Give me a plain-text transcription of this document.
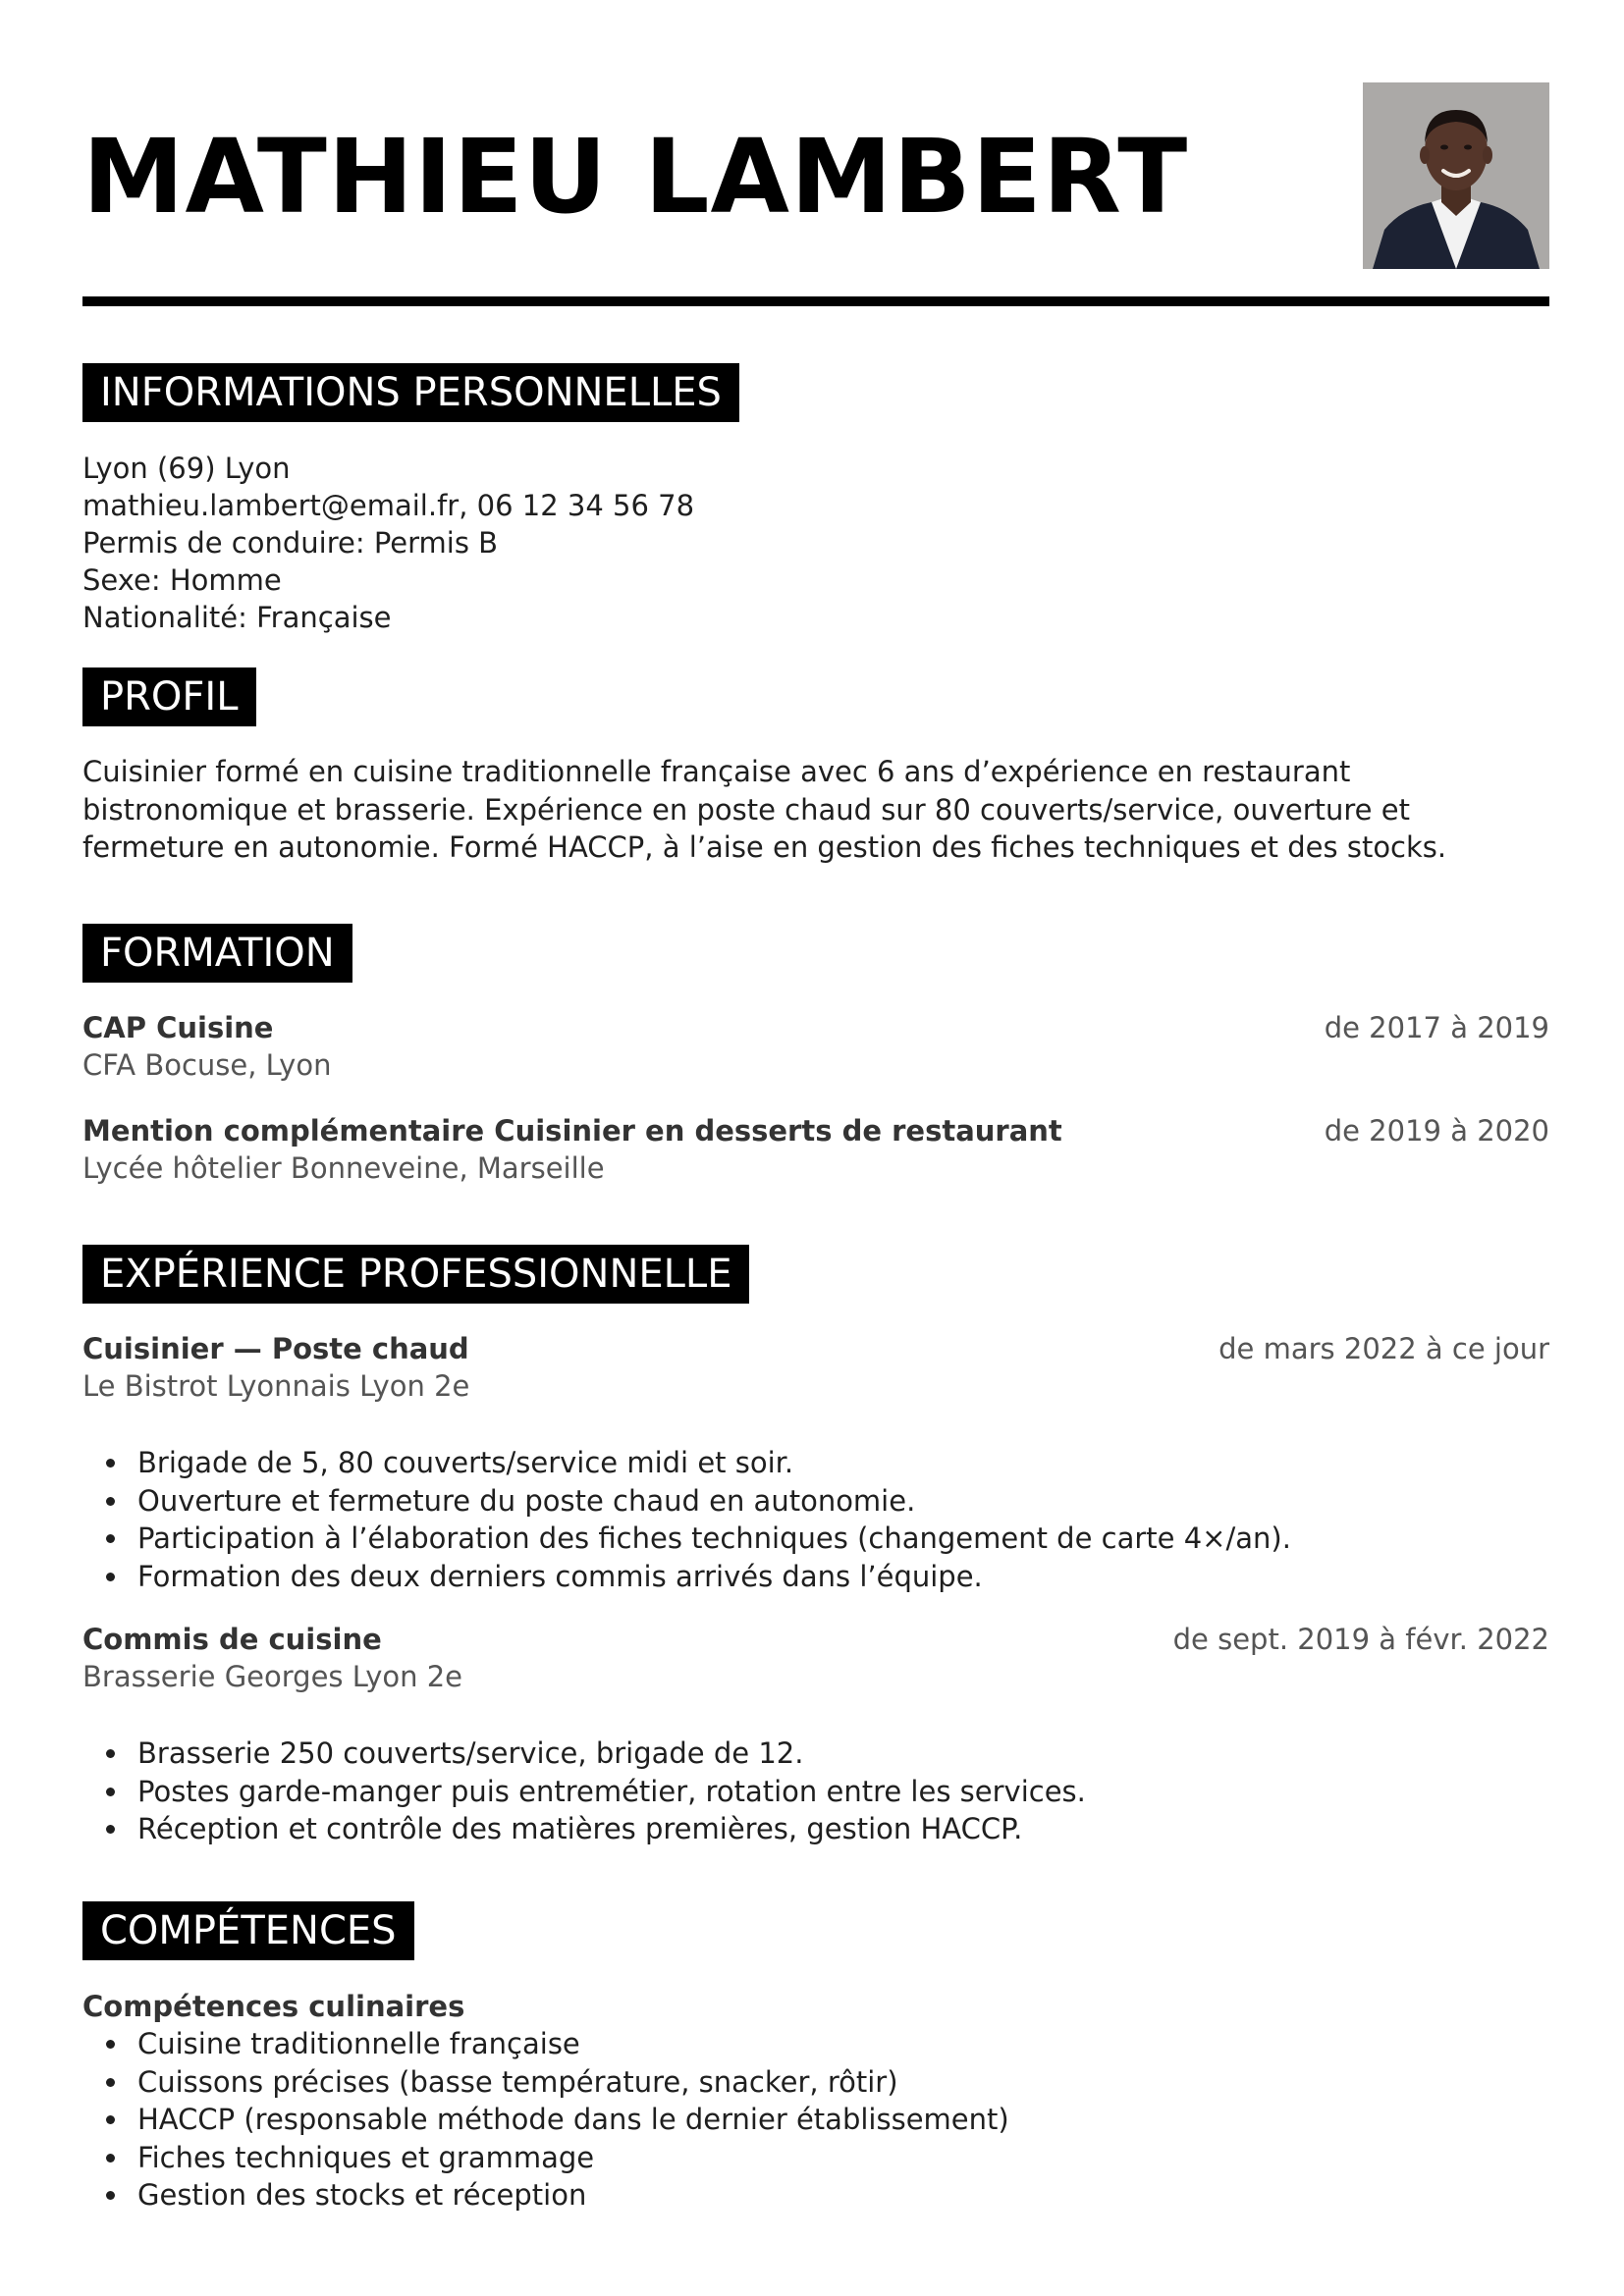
MATHIEU LAMBERT
INFORMATIONS PERSONNELLES
Lyon (69) Lyon
mathieu.lambert@email.fr, 06 12 34 56 78
Permis de conduire: Permis B
Sexe: Homme
Nationalité: Française
PROFIL
Cuisinier formé en cuisine traditionnelle française avec 6 ans d’expérience en restaurant bistronomique et brasserie. Expérience en poste chaud sur 80 couverts/service, ouverture et fermeture en autonomie. Formé HACCP, à l’aise en gestion des fiches techniques et des stocks.
FORMATION
CAP Cuisine	de 2017 à 2019
CFA Bocuse, Lyon
Mention complémentaire Cuisinier en desserts de restaurant	de 2019 à 2020
Lycée hôtelier Bonneveine, Marseille
EXPÉRIENCE PROFESSIONNELLE
Cuisinier — Poste chaud	de mars 2022 à ce jour
Le Bistrot Lyonnais Lyon 2e
Brigade de 5, 80 couverts/service midi et soir.
Ouverture et fermeture du poste chaud en autonomie.
Participation à l’élaboration des fiches techniques (changement de carte 4×/an).
Formation des deux derniers commis arrivés dans l’équipe.
Commis de cuisine	de sept. 2019 à févr. 2022
Brasserie Georges Lyon 2e
Brasserie 250 couverts/service, brigade de 12.
Postes garde-manger puis entremétier, rotation entre les services.
Réception et contrôle des matières premières, gestion HACCP.
COMPÉTENCES
Compétences culinaires
Cuisine traditionnelle française
Cuissons précises (basse température, snacker, rôtir)
HACCP (responsable méthode dans le dernier établissement)
Fiches techniques et grammage
Gestion des stocks et réception
